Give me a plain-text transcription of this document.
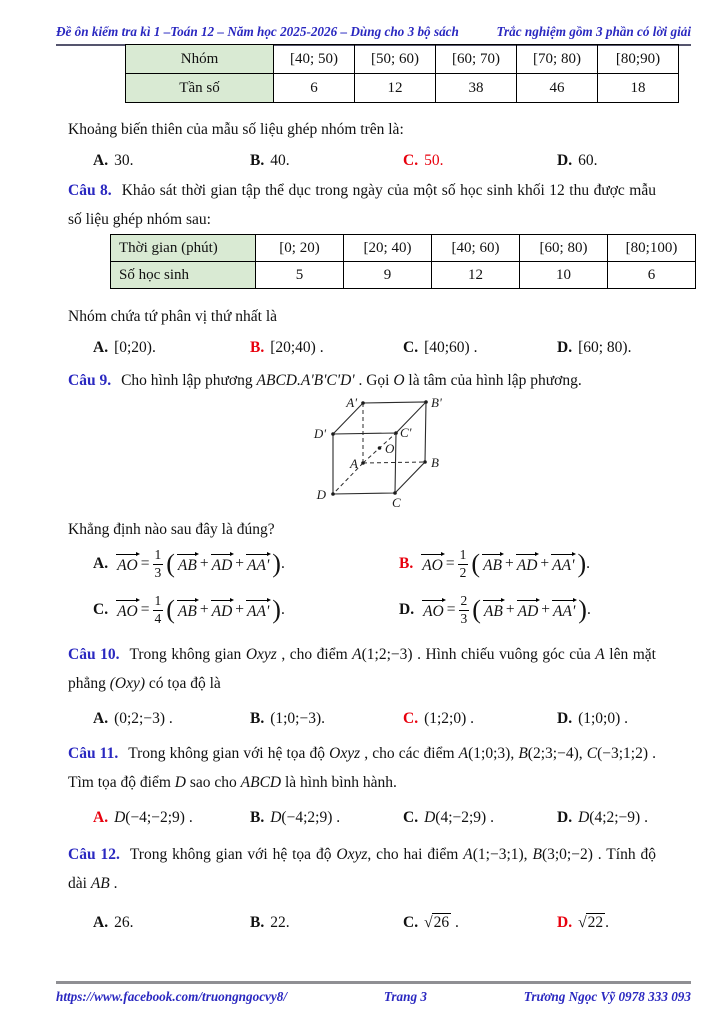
Đề ôn kiểm tra kì 1 –Toán 12 – Năm học 2025-2026 – Dùng cho 3 bộ sách	Trắc nghiệm gồm 3 phần có lời giải
Nhóm	[40; 50)	[50; 60)	[60; 70)	[70; 80)	[80;90)
Tần số	6	12	38	46	18

Khoảng biến thiên của mẫu số liệu ghép nhóm trên là:

A. 30.	B. 40.	C. 50.	D. 60.

Câu 8. Khảo sát thời gian tập thể dục trong ngày của một số học sinh khối 12 thu được mẫu số liệu ghép nhóm sau:

Thời gian (phút)	[0; 20)	[20; 40)	[40; 60)	[60; 80)	[80;100)
Số học sinh	5	9	12	10	6

Nhóm chứa tứ phân vị thứ nhất là

A. [0;20).	B. [20;40) .	C. [40;60) .	D. [60; 80).

Câu 9. Cho hình lập phương ABCD.A'B'C'D' . Gọi O là tâm của hình lập phương.

A'	B'
D'	C'
A	B
D
C
O

Khẳng định nào sau đây là đúng?

A. AO = $\frac{1}{3}$ ( AB + AD + AA' ) .	B. AO = $\frac{1}{2}$ ( AB + AD + AA' ) .
C. AO = $\frac{1}{4}$ ( AB + AD + AA' ) .	D. AO = $\frac{2}{3}$ ( AB + AD + AA' ) .

Câu 10. Trong không gian Oxyz , cho điểm A(1;2;−3) . Hình chiếu vuông góc của A lên mặt phẳng (Oxy) có tọa độ là

A. (0;2;−3) .	B. (1;0;−3).	C. (1;2;0) .	D. (1;0;0) .

Câu 11. Trong không gian với hệ tọa độ Oxyz , cho các điểm A(1;0;3), B(2;3;−4), C(−3;1;2) . Tìm tọa độ điểm D sao cho ABCD là hình bình hành.

A. D(−4;−2;9) .	B. D(−4;2;9) .	C. D(4;−2;9) .	D. D(4;2;−9) .

Câu 12. Trong không gian với hệ tọa độ Oxyz, cho hai điểm A(1;−3;1), B(3;0;−2) . Tính độ dài AB .

A. 26.	B. 22.	C. √26 .	D. √22 .
https://www.facebook.com/truongngocvy8/	Trang 3	Trương Ngọc Vỹ 0978 333 093
